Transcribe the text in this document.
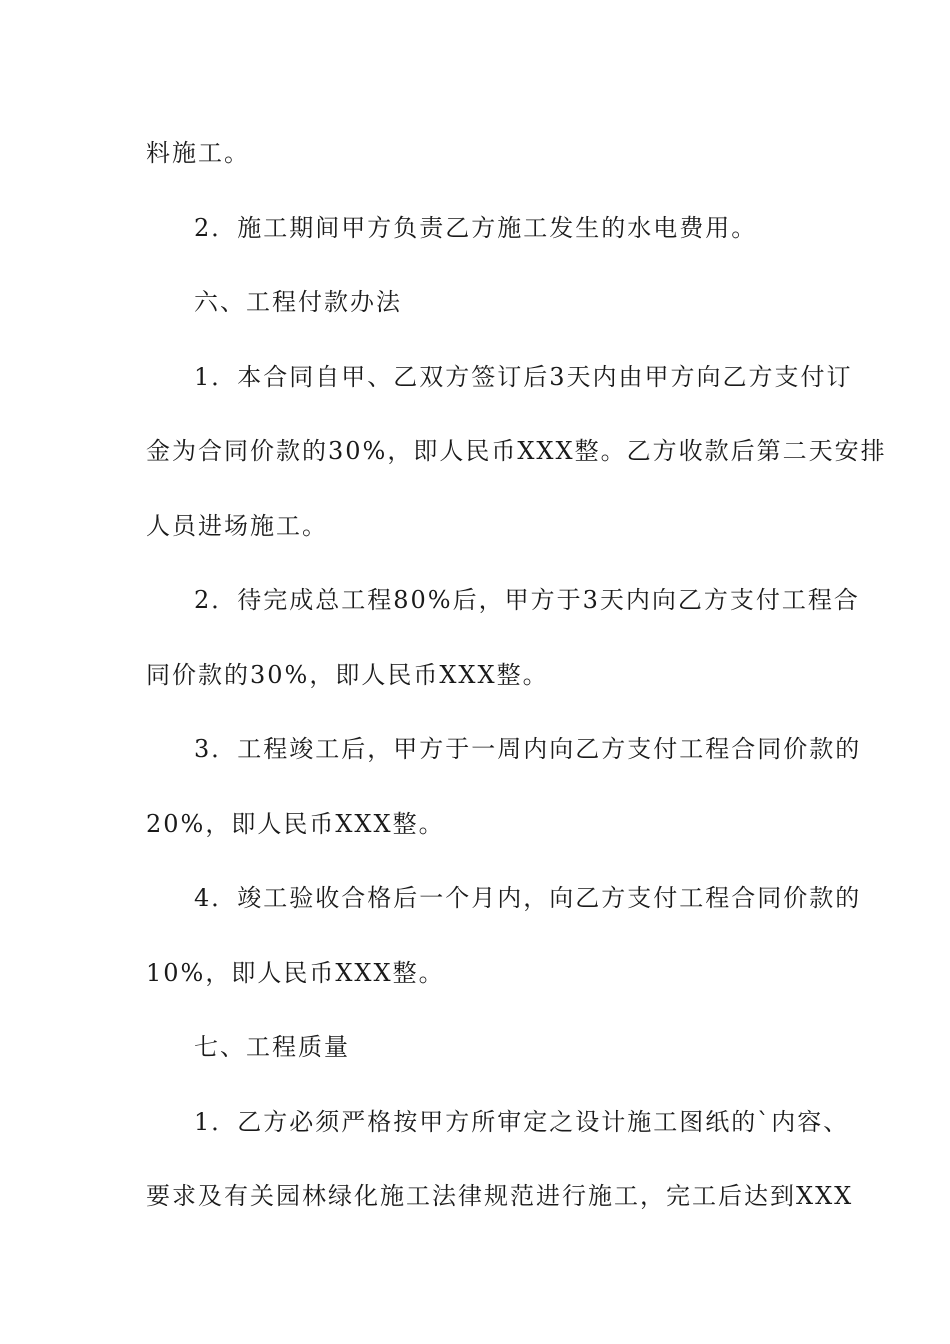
料施工。
2．施工期间甲方负责乙方施工发生的水电费用。
六、工程付款办法
1．本合同自甲、乙双方签订后3天内由甲方向乙方支付订
金为合同价款的30%，即人民币XXX整。乙方收款后第二天安排
人员进场施工。
2．待完成总工程80%后，甲方于3天内向乙方支付工程合
同价款的30%，即人民币XXX整。
3．工程竣工后，甲方于一周内向乙方支付工程合同价款的
20%，即人民币XXX整。
4．竣工验收合格后一个月内，向乙方支付工程合同价款的
10%，即人民币XXX整。
七、工程质量
1．乙方必须严格按甲方所审定之设计施工图纸的`内容、
要求及有关园林绿化施工法律规范进行施工，完工后达到XXX
